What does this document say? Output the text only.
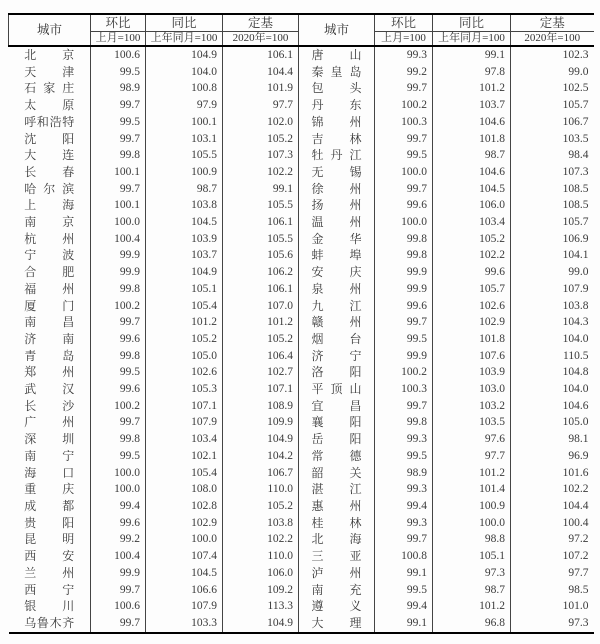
城市	环比	同比	定基	城市	环比	同比	定基
	上月=100	上年同月=100	2020年=100		上月=100	上年同月=100	2020年=100

北京	100.6	104.9	106.1	唐山	99.3	99.1	102.3

天津	99.5	104.0	104.4	秦皇岛	99.2	97.8	99.0

石家庄	98.9	100.8	101.9	包头	99.7	101.2	102.5

太原	99.7	97.9	97.7	丹东	100.2	103.7	105.7

呼和浩特	99.5	100.1	102.0	锦州	100.3	104.6	106.7

沈阳	99.7	103.1	105.2	吉林	99.7	101.8	103.5

大连	99.8	105.5	107.3	牡丹江	99.5	98.7	98.4

长春	100.1	100.9	102.2	无锡	100.0	104.6	107.3

哈尔滨	99.7	98.7	99.1	徐州	99.7	104.5	108.5

上海	100.1	103.8	105.5	扬州	99.6	106.0	108.5

南京	100.0	104.5	106.1	温州	100.0	103.4	105.7

杭州	100.4	103.9	105.5	金华	99.8	105.2	106.9

宁波	99.9	103.7	105.6	蚌埠	99.8	102.2	104.1

合肥	99.9	104.9	106.2	安庆	99.9	99.6	99.0

福州	99.8	105.1	106.1	泉州	99.9	105.7	107.9

厦门	100.2	105.4	107.0	九江	99.6	102.6	103.8

南昌	99.7	101.2	101.2	赣州	99.7	102.9	104.3

济南	99.6	105.2	105.2	烟台	99.5	101.8	104.0

青岛	99.8	105.0	106.4	济宁	99.9	107.6	110.5

郑州	99.5	102.6	102.7	洛阳	100.2	103.9	104.8

武汉	99.6	105.3	107.1	平顶山	100.3	103.0	104.0

长沙	100.2	107.1	108.9	宜昌	99.7	103.2	104.6

广州	99.7	107.9	109.9	襄阳	99.8	103.5	105.0

深圳	99.8	103.4	104.9	岳阳	99.3	97.6	98.1

南宁	99.5	102.1	104.2	常德	99.5	97.7	96.9

海口	100.0	105.4	106.7	韶关	98.9	101.2	101.6

重庆	100.0	108.0	110.0	湛江	99.3	101.4	102.2

成都	99.4	102.8	105.2	惠州	99.4	100.9	104.4

贵阳	99.6	102.9	103.8	桂林	99.3	100.0	100.4

昆明	99.2	100.0	102.2	北海	99.7	98.8	97.2

西安	100.4	107.4	110.0	三亚	100.8	105.1	107.2

兰州	99.9	104.5	106.0	泸州	99.1	97.3	97.7

西宁	99.7	106.6	109.2	南充	99.5	98.7	98.5

银川	100.6	107.9	113.3	遵义	99.4	101.2	101.0

乌鲁木齐	99.7	103.3	104.9	大理	99.1	96.8	97.3
